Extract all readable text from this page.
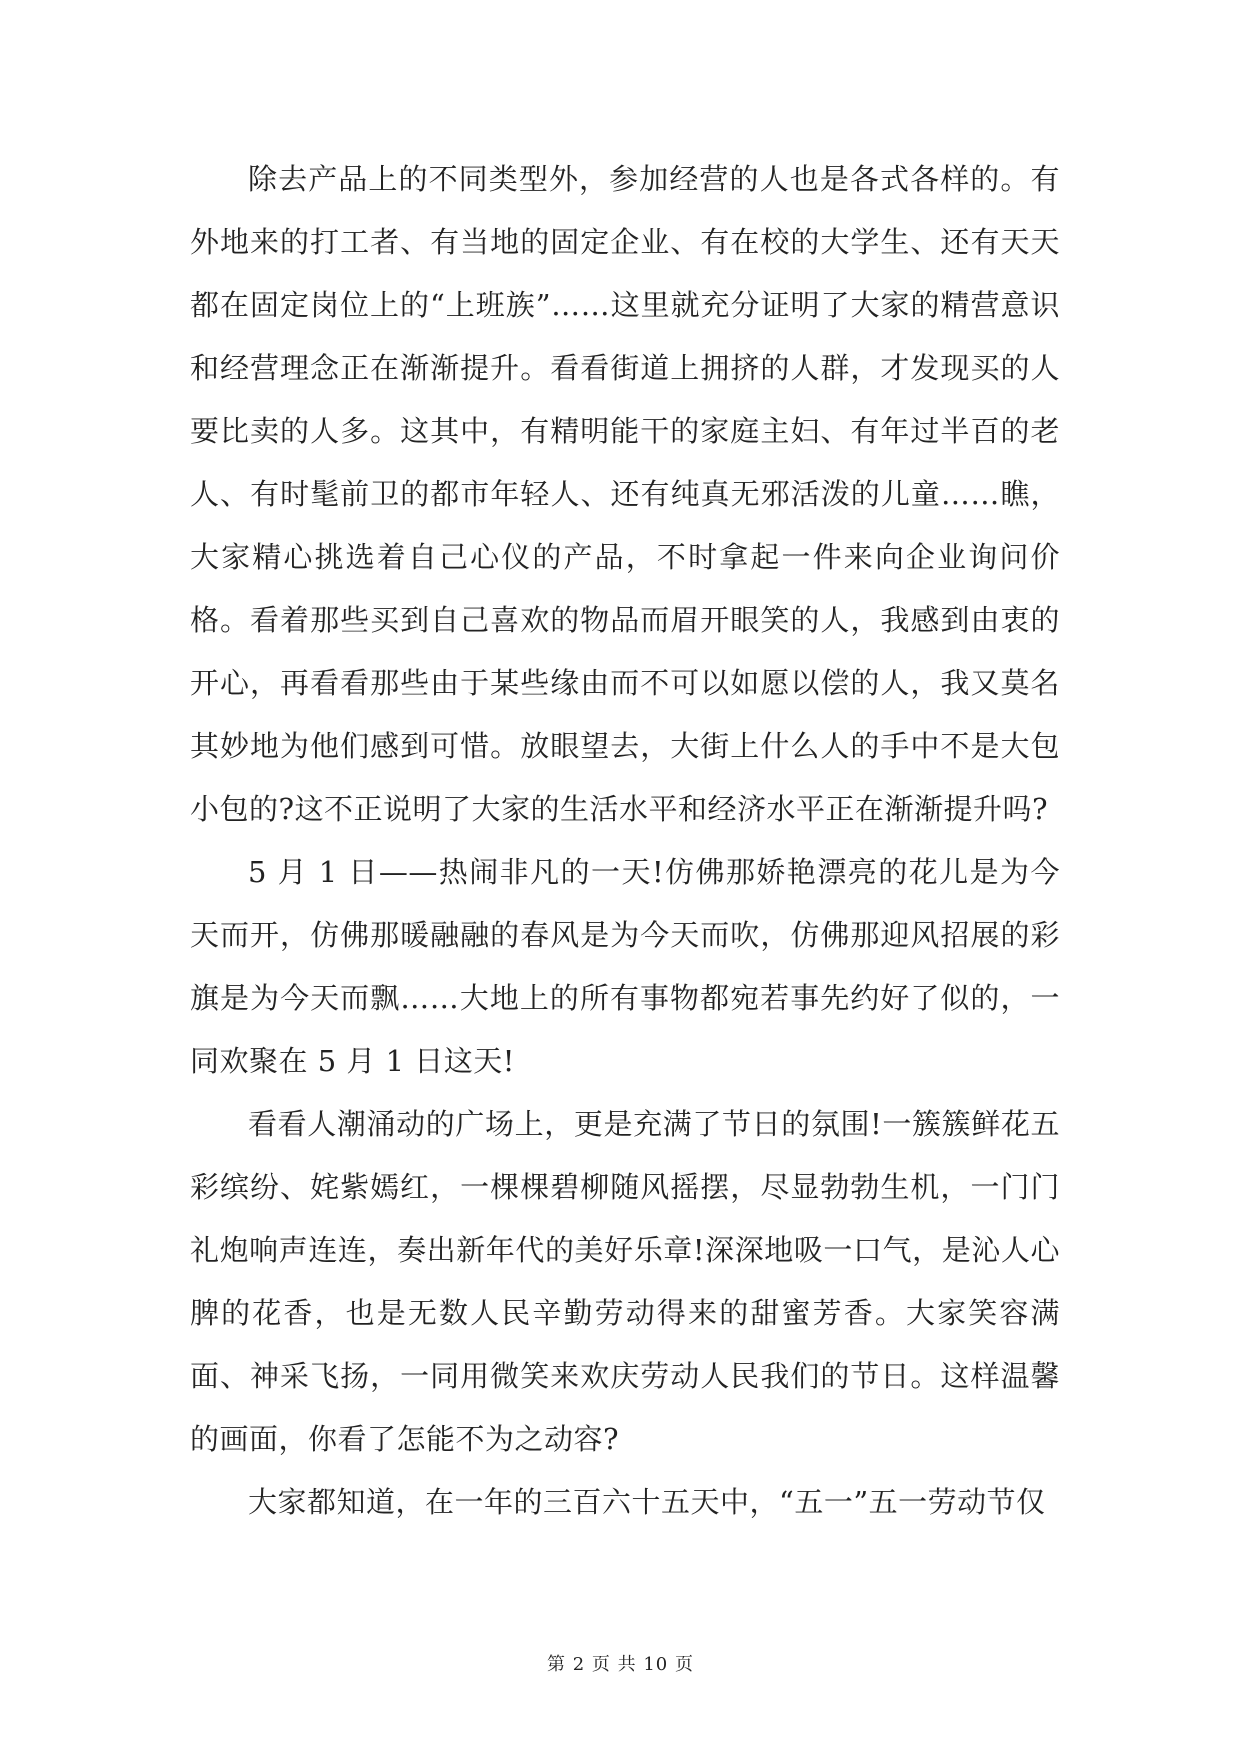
除去产品上的不同类型外，参加经营的人也是各式各样的。有外地来的打工者、有当地的固定企业、有在校的大学生、还有天天都在固定岗位上的“上班族”……这里就充分证明了大家的精营意识和经营理念正在渐渐提升。看看街道上拥挤的人群，才发现买的人要比卖的人多。这其中，有精明能干的家庭主妇、有年过半百的老人、有时髦前卫的都市年轻人、还有纯真无邪活泼的儿童……瞧，大家精心挑选着自己心仪的产品，不时拿起一件来向企业询问价格。看着那些买到自己喜欢的物品而眉开眼笑的人，我感到由衷的开心，再看看那些由于某些缘由而不可以如愿以偿的人，我又莫名其妙地为他们感到可惜。放眼望去，大街上什么人的手中不是大包小包的?这不正说明了大家的生活水平和经济水平正在渐渐提升吗?

5 月 1 日——热闹非凡的一天!仿佛那娇艳漂亮的花儿是为今天而开，仿佛那暖融融的春风是为今天而吹，仿佛那迎风招展的彩旗是为今天而飘……大地上的所有事物都宛若事先约好了似的，一同欢聚在 5 月 1 日这天!

看看人潮涌动的广场上，更是充满了节日的氛围!一簇簇鲜花五彩缤纷、姹紫嫣红，一棵棵碧柳随风摇摆，尽显勃勃生机，一门门礼炮响声连连，奏出新年代的美好乐章!深深地吸一口气，是沁人心脾的花香，也是无数人民辛勤劳动得来的甜蜜芳香。大家笑容满面、神采飞扬，一同用微笑来欢庆劳动人民我们的节日。这样温馨的画面，你看了怎能不为之动容?

大家都知道，在一年的三百六十五天中，“五一”五一劳动节仅

第 2 页 共 10 页
